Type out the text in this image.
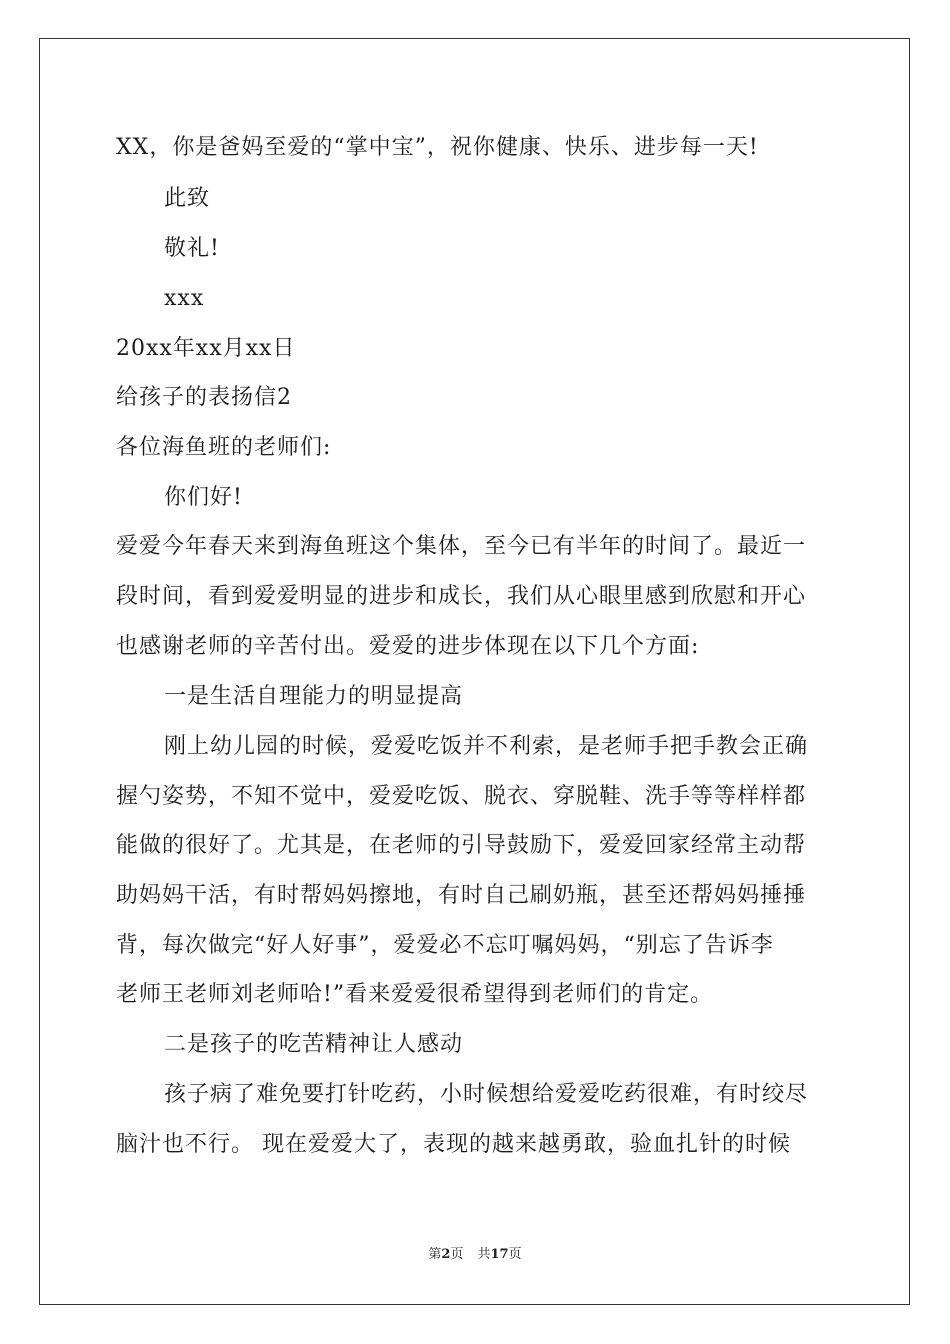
XX，你是爸妈至爱的“掌中宝”，祝你健康、快乐、进步每一天!
此致
敬礼!
xxx
20xx年xx月xx日
给孩子的表扬信2
各位海鱼班的老师们:
你们好!
爱爱今年春天来到海鱼班这个集体，至今已有半年的时间了。最近一
段时间，看到爱爱明显的进步和成长，我们从心眼里感到欣慰和开心
也感谢老师的辛苦付出。爱爱的进步体现在以下几个方面:
一是生活自理能力的明显提高
刚上幼儿园的时候，爱爱吃饭并不利索，是老师手把手教会正确
握勺姿势，不知不觉中，爱爱吃饭、脱衣、穿脱鞋、洗手等等样样都
能做的很好了。尤其是，在老师的引导鼓励下，爱爱回家经常主动帮
助妈妈干活，有时帮妈妈擦地，有时自己刷奶瓶，甚至还帮妈妈捶捶
背，每次做完“好人好事”，爱爱必不忘叮嘱妈妈，“别忘了告诉李
老师王老师刘老师哈!”看来爱爱很希望得到老师们的肯定。
二是孩子的吃苦精神让人感动
孩子病了难免要打针吃药，小时候想给爱爱吃药很难，有时绞尽
脑汁也不行。 现在爱爱大了，表现的越来越勇敢，验血扎针的时候
第2页 共17页
